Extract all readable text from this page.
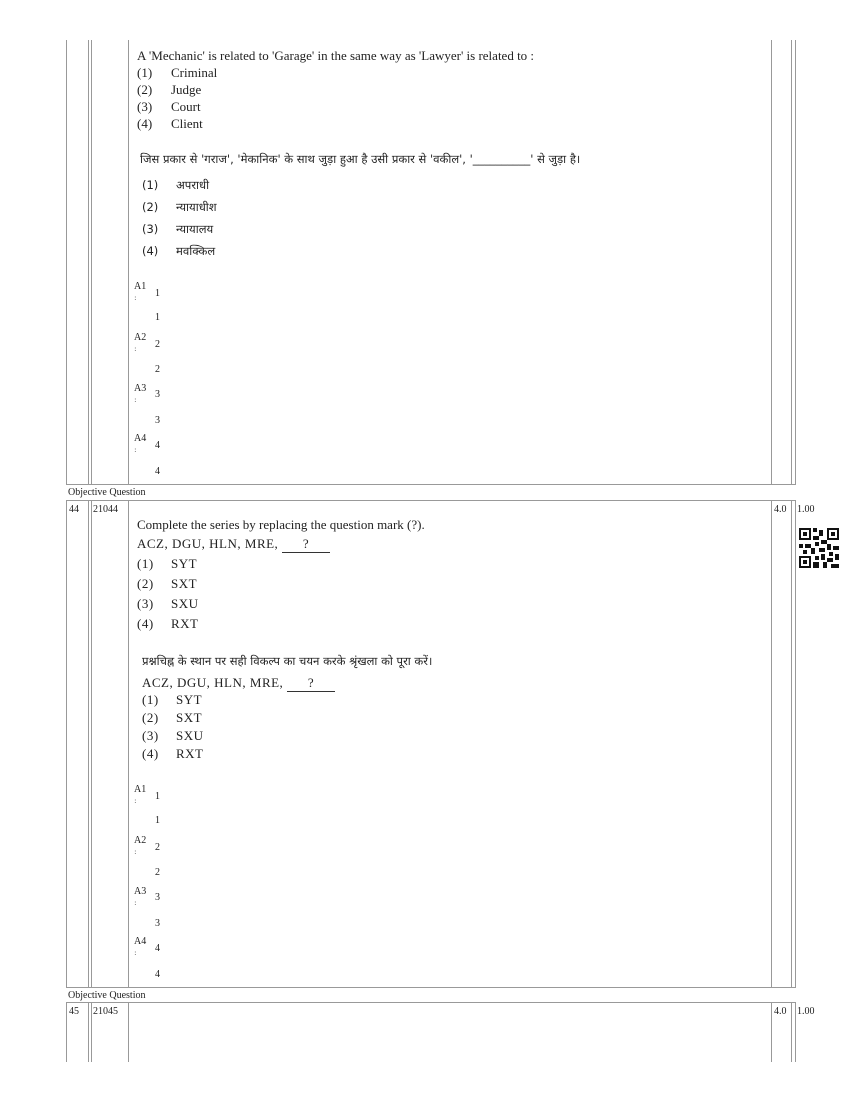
A 'Mechanic' is related to 'Garage' in the same way as 'Lawyer' is related to :
(1) Criminal
(2) Judge
(3) Court
(4) Client
जिस प्रकार से 'गराज', 'मेकानिक' के साथ जुड़ा हुआ है उसी प्रकार से 'वकील', '__________' से जुड़ा है।
(1) अपराधी
(2) न्यायाधीश
(3) न्यायालय
(4) मवक्किल
A1
: 1
1
A2
: 2
2
A3
: 3
3
A4
: 4
4
Objective Question
44 21044	4.0 1.00
Complete the series by replacing the question mark (?).
ACZ, DGU, HLN, MRE, ?
(1) SYT
(2) SXT
(3) SXU
(4) RXT
प्रश्नचिह्न के स्थान पर सही विकल्प का चयन करके श्रृंखला को पूरा करें।
ACZ, DGU, HLN, MRE, ?
(1) SYT
(2) SXT
(3) SXU
(4) RXT
A1
: 1
1
A2
: 2
2
A3
: 3
3
A4
: 4
4
Objective Question
45 21045	4.0 1.00
